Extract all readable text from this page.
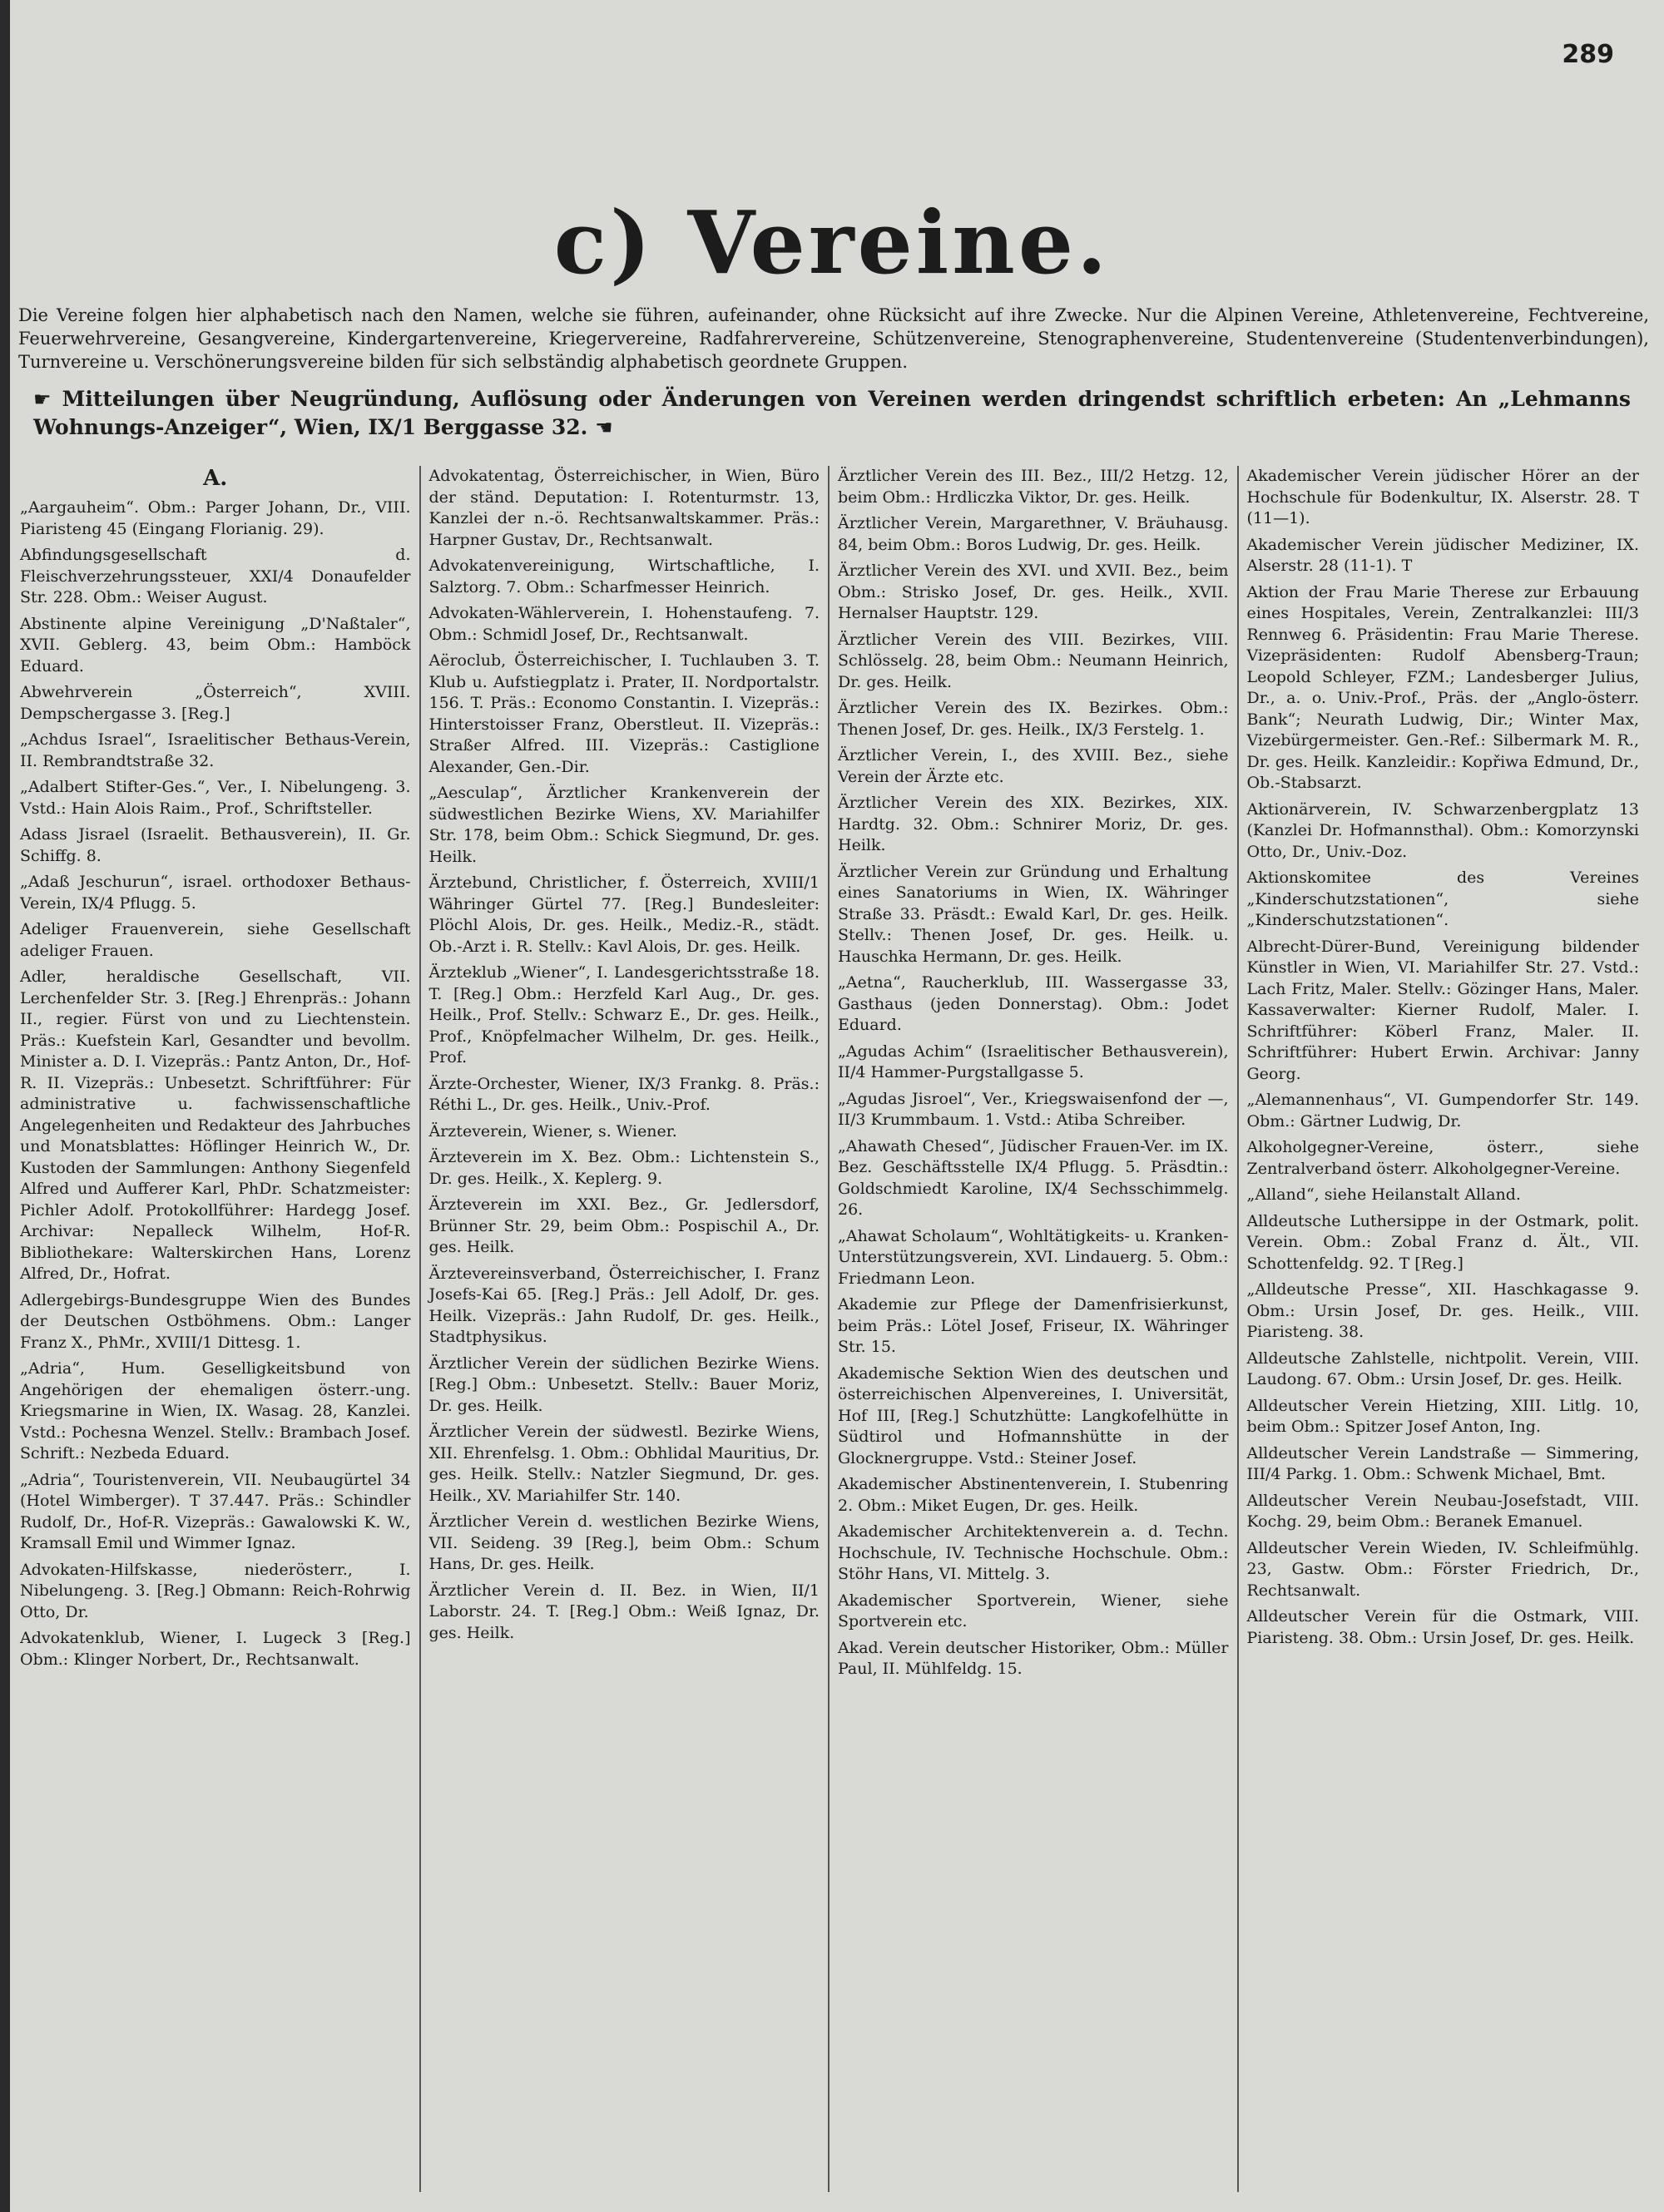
289
c) Vereine.
Die Vereine folgen hier alphabetisch nach den Namen, welche sie führen, aufeinander, ohne Rücksicht auf ihre Zwecke. Nur die Alpinen Vereine, Athletenvereine, Fechtvereine, Feuerwehrvereine, Gesangvereine, Kindergartenvereine, Kriegervereine, Radfahrervereine, Schützenvereine, Stenographenvereine, Studentenvereine (Studentenverbindungen), Turnvereine u. Verschönerungsvereine bilden für sich selbständig alphabetisch geordnete Gruppen.
☛ Mitteilungen über Neugründung, Auflösung oder Änderungen von Vereinen werden dringendst schriftlich erbeten: An „Lehmanns Wohnungs-Anzeiger“, Wien, IX/1 Berggasse 32. ☚
A.
„Aargauheim“. Obm.: Parger Johann, Dr., VIII. Piaristeng 45 (Eingang Florianig. 29).
Abfindungsgesellschaft d. Fleischverzehrungssteuer, XXI/4 Donaufelder Str. 228. Obm.: Weiser August.
Abstinente alpine Vereinigung „D'Naßtaler“, XVII. Geblerg. 43, beim Obm.: Hamböck Eduard.
Abwehrverein „Österreich“, XVIII. Dempschergasse 3. [Reg.]
„Achdus Israel“, Israelitischer Bethaus-Verein, II. Rembrandtstraße 32.
„Adalbert Stifter-Ges.“, Ver., I. Nibelungeng. 3. Vstd.: Hain Alois Raim., Prof., Schriftsteller.
Adass Jisrael (Israelit. Bethausverein), II. Gr. Schiffg. 8.
„Adaß Jeschurun“, israel. orthodoxer Bethaus-Verein, IX/4 Pflugg. 5.
Adeliger Frauenverein, siehe Gesellschaft adeliger Frauen.
Adler, heraldische Gesellschaft, VII. Lerchenfelder Str. 3. [Reg.] Ehrenpräs.: Johann II., regier. Fürst von und zu Liechtenstein. Präs.: Kuefstein Karl, Gesandter und bevollm. Minister a. D. I. Vizepräs.: Pantz Anton, Dr., Hof-R. II. Vizepräs.: Unbesetzt. Schriftführer: Für administrative u. fachwissenschaftliche Angelegenheiten und Redakteur des Jahrbuches und Monatsblattes: Höflinger Heinrich W., Dr. Kustoden der Sammlungen: Anthony Siegenfeld Alfred und Aufferer Karl, PhDr. Schatzmeister: Pichler Adolf. Protokollführer: Hardegg Josef. Archivar: Nepalleck Wilhelm, Hof-R. Bibliothekare: Walterskirchen Hans, Lorenz Alfred, Dr., Hofrat.
Adlergebirgs-Bundesgruppe Wien des Bundes der Deutschen Ostböhmens. Obm.: Langer Franz X., PhMr., XVIII/1 Dittesg. 1.
„Adria“, Hum. Geselligkeitsbund von Angehörigen der ehemaligen österr.-ung. Kriegsmarine in Wien, IX. Wasag. 28, Kanzlei. Vstd.: Pochesna Wenzel. Stellv.: Brambach Josef. Schrift.: Nezbeda Eduard.
„Adria“, Touristenverein, VII. Neubaugürtel 34 (Hotel Wimberger). T 37.447. Präs.: Schindler Rudolf, Dr., Hof-R. Vizepräs.: Gawalowski K. W., Kramsall Emil und Wimmer Ignaz.
Advokaten-Hilfskasse, niederösterr., I. Nibelungeng. 3. [Reg.] Obmann: Reich-Rohrwig Otto, Dr.
Advokatenklub, Wiener, I. Lugeck 3 [Reg.] Obm.: Klinger Norbert, Dr., Rechtsanwalt.
Advokatentag, Österreichischer, in Wien, Büro der ständ. Deputation: I. Rotenturmstr. 13, Kanzlei der n.-ö. Rechtsanwaltskammer. Präs.: Harpner Gustav, Dr., Rechtsanwalt.
Advokatenvereinigung, Wirtschaftliche, I. Salztorg. 7. Obm.: Scharfmesser Heinrich.
Advokaten-Wählerverein, I. Hohenstaufeng. 7. Obm.: Schmidl Josef, Dr., Rechtsanwalt.
Aëroclub, Österreichischer, I. Tuchlauben 3. T. Klub u. Aufstiegplatz i. Prater, II. Nordportalstr. 156. T. Präs.: Economo Constantin. I. Vizepräs.: Hinterstoisser Franz, Oberstleut. II. Vizepräs.: Straßer Alfred. III. Vizepräs.: Castiglione Alexander, Gen.-Dir.
„Aesculap“, Ärztlicher Krankenverein der südwestlichen Bezirke Wiens, XV. Mariahilfer Str. 178, beim Obm.: Schick Siegmund, Dr. ges. Heilk.
Ärztebund, Christlicher, f. Österreich, XVIII/1 Währinger Gürtel 77. [Reg.] Bundesleiter: Plöchl Alois, Dr. ges. Heilk., Mediz.-R., städt. Ob.-Arzt i. R. Stellv.: Kavl Alois, Dr. ges. Heilk.
Ärzteklub „Wiener“, I. Landesgerichtsstraße 18. T. [Reg.] Obm.: Herzfeld Karl Aug., Dr. ges. Heilk., Prof. Stellv.: Schwarz E., Dr. ges. Heilk., Prof., Knöpfelmacher Wilhelm, Dr. ges. Heilk., Prof.
Ärzte-Orchester, Wiener, IX/3 Frankg. 8. Präs.: Réthi L., Dr. ges. Heilk., Univ.-Prof.
Ärzteverein, Wiener, s. Wiener.
Ärzteverein im X. Bez. Obm.: Lichtenstein S., Dr. ges. Heilk., X. Keplerg. 9.
Ärzteverein im XXI. Bez., Gr. Jedlersdorf, Brünner Str. 29, beim Obm.: Pospischil A., Dr. ges. Heilk.
Ärztevereinsverband, Österreichischer, I. Franz Josefs-Kai 65. [Reg.] Präs.: Jell Adolf, Dr. ges. Heilk. Vizepräs.: Jahn Rudolf, Dr. ges. Heilk., Stadtphysikus.
Ärztlicher Verein der südlichen Bezirke Wiens. [Reg.] Obm.: Unbesetzt. Stellv.: Bauer Moriz, Dr. ges. Heilk.
Ärztlicher Verein der südwestl. Bezirke Wiens, XII. Ehrenfelsg. 1. Obm.: Obhlidal Mauritius, Dr. ges. Heilk. Stellv.: Natzler Siegmund, Dr. ges. Heilk., XV. Mariahilfer Str. 140.
Ärztlicher Verein d. westlichen Bezirke Wiens, VII. Seideng. 39 [Reg.], beim Obm.: Schum Hans, Dr. ges. Heilk.
Ärztlicher Verein d. II. Bez. in Wien, II/1 Laborstr. 24. T. [Reg.] Obm.: Weiß Ignaz, Dr. ges. Heilk.
Ärztlicher Verein des III. Bez., III/2 Hetzg. 12, beim Obm.: Hrdliczka Viktor, Dr. ges. Heilk.
Ärztlicher Verein, Margarethner, V. Bräuhausg. 84, beim Obm.: Boros Ludwig, Dr. ges. Heilk.
Ärztlicher Verein des XVI. und XVII. Bez., beim Obm.: Strisko Josef, Dr. ges. Heilk., XVII. Hernalser Hauptstr. 129.
Ärztlicher Verein des VIII. Bezirkes, VIII. Schlösselg. 28, beim Obm.: Neumann Heinrich, Dr. ges. Heilk.
Ärztlicher Verein des IX. Bezirkes. Obm.: Thenen Josef, Dr. ges. Heilk., IX/3 Ferstelg. 1.
Ärztlicher Verein, I., des XVIII. Bez., siehe Verein der Ärzte etc.
Ärztlicher Verein des XIX. Bezirkes, XIX. Hardtg. 32. Obm.: Schnirer Moriz, Dr. ges. Heilk.
Ärztlicher Verein zur Gründung und Erhaltung eines Sanatoriums in Wien, IX. Währinger Straße 33. Präsdt.: Ewald Karl, Dr. ges. Heilk. Stellv.: Thenen Josef, Dr. ges. Heilk. u. Hauschka Hermann, Dr. ges. Heilk.
„Aetna“, Raucherklub, III. Wassergasse 33, Gasthaus (jeden Donnerstag). Obm.: Jodet Eduard.
„Agudas Achim“ (Israelitischer Bethausverein), II/4 Hammer-Purgstallgasse 5.
„Agudas Jisroel“, Ver., Kriegswaisenfond der —, II/3 Krummbaum. 1. Vstd.: Atiba Schreiber.
„Ahawath Chesed“, Jüdischer Frauen-Ver. im IX. Bez. Geschäftsstelle IX/4 Pflugg. 5. Präsdtin.: Goldschmiedt Karoline, IX/4 Sechsschimmelg. 26.
„Ahawat Scholaum“, Wohltätigkeits- u. Kranken-Unterstützungsverein, XVI. Lindauerg. 5. Obm.: Friedmann Leon.
Akademie zur Pflege der Damenfrisierkunst, beim Präs.: Lötel Josef, Friseur, IX. Währinger Str. 15.
Akademische Sektion Wien des deutschen und österreichischen Alpenvereines, I. Universität, Hof III, [Reg.] Schutzhütte: Langkofelhütte in Südtirol und Hofmannshütte in der Glocknergruppe. Vstd.: Steiner Josef.
Akademischer Abstinentenverein, I. Stubenring 2. Obm.: Miket Eugen, Dr. ges. Heilk.
Akademischer Architektenverein a. d. Techn. Hochschule, IV. Technische Hochschule. Obm.: Stöhr Hans, VI. Mittelg. 3.
Akademischer Sportverein, Wiener, siehe Sportverein etc.
Akad. Verein deutscher Historiker, Obm.: Müller Paul, II. Mühlfeldg. 15.
Akademischer Verein jüdischer Hörer an der Hochschule für Bodenkultur, IX. Alserstr. 28. T (11—1).
Akademischer Verein jüdischer Mediziner, IX. Alserstr. 28 (11-1). T
Aktion der Frau Marie Therese zur Erbauung eines Hospitales, Verein, Zentralkanzlei: III/3 Rennweg 6. Präsidentin: Frau Marie Therese. Vizepräsidenten: Rudolf Abensberg-Traun; Leopold Schleyer, FZM.; Landesberger Julius, Dr., a. o. Univ.-Prof., Präs. der „Anglo-österr. Bank“; Neurath Ludwig, Dir.; Winter Max, Vizebürgermeister. Gen.-Ref.: Silbermark M. R., Dr. ges. Heilk. Kanzleidir.: Kopřiwa Edmund, Dr., Ob.-Stabsarzt.
Aktionärverein, IV. Schwarzenbergplatz 13 (Kanzlei Dr. Hofmannsthal). Obm.: Komorzynski Otto, Dr., Univ.-Doz.
Aktionskomitee des Vereines „Kinderschutzstationen“, siehe „Kinderschutzstationen“.
Albrecht-Dürer-Bund, Vereinigung bildender Künstler in Wien, VI. Mariahilfer Str. 27. Vstd.: Lach Fritz, Maler. Stellv.: Gözinger Hans, Maler. Kassaverwalter: Kierner Rudolf, Maler. I. Schriftführer: Köberl Franz, Maler. II. Schriftführer: Hubert Erwin. Archivar: Janny Georg.
„Alemannenhaus“, VI. Gumpendorfer Str. 149. Obm.: Gärtner Ludwig, Dr.
Alkoholgegner-Vereine, österr., siehe Zentralverband österr. Alkoholgegner-Vereine.
„Alland“, siehe Heilanstalt Alland.
Alldeutsche Luthersippe in der Ostmark, polit. Verein. Obm.: Zobal Franz d. Ält., VII. Schottenfeldg. 92. T [Reg.]
„Alldeutsche Presse“, XII. Haschkagasse 9. Obm.: Ursin Josef, Dr. ges. Heilk., VIII. Piaristeng. 38.
Alldeutsche Zahlstelle, nichtpolit. Verein, VIII. Laudong. 67. Obm.: Ursin Josef, Dr. ges. Heilk.
Alldeutscher Verein Hietzing, XIII. Litlg. 10, beim Obm.: Spitzer Josef Anton, Ing.
Alldeutscher Verein Landstraße — Simmering, III/4 Parkg. 1. Obm.: Schwenk Michael, Bmt.
Alldeutscher Verein Neubau-Josefstadt, VIII. Kochg. 29, beim Obm.: Beranek Emanuel.
Alldeutscher Verein Wieden, IV. Schleifmühlg. 23, Gastw. Obm.: Förster Friedrich, Dr., Rechtsanwalt.
Alldeutscher Verein für die Ostmark, VIII. Piaristeng. 38. Obm.: Ursin Josef, Dr. ges. Heilk.
